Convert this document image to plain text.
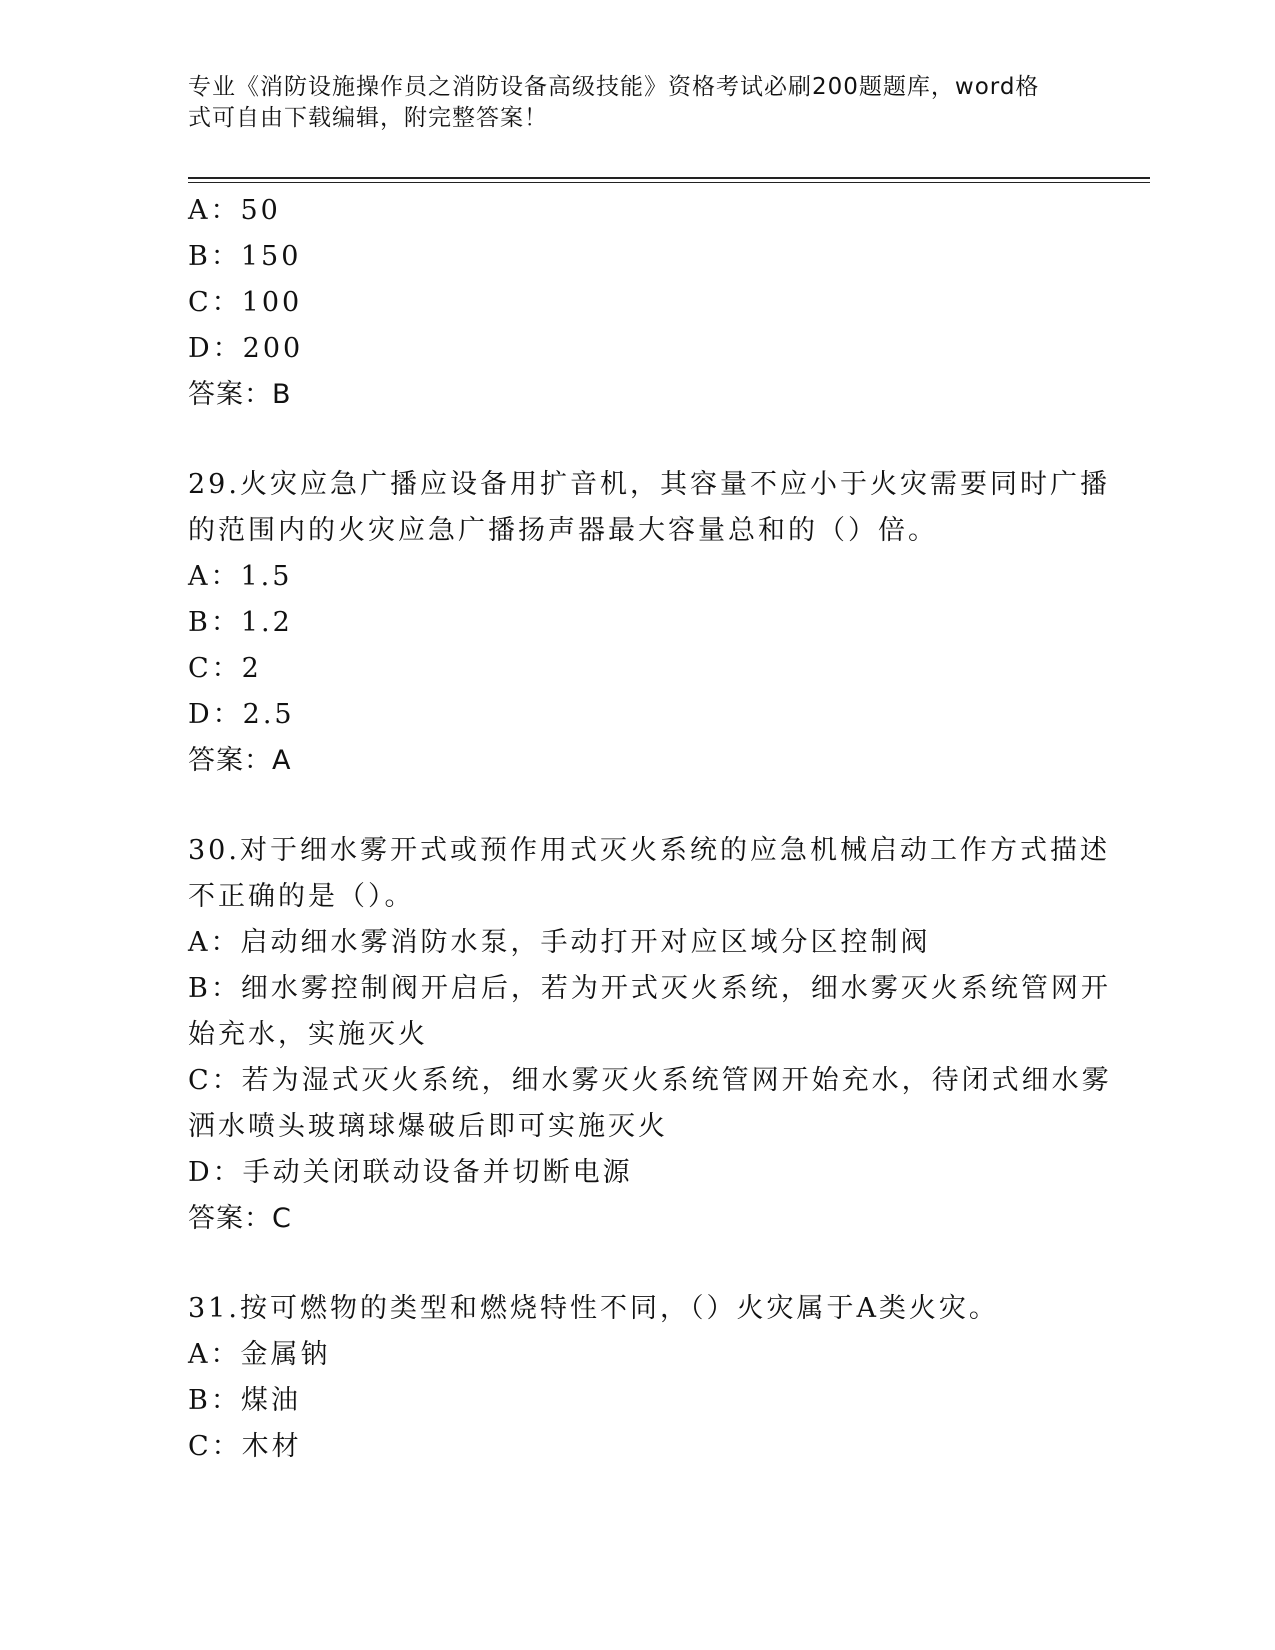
专业《消防设施操作员之消防设备高级技能》资格考试必刷200题题库，word格
式可自由下载编辑，附完整答案！
A：50
B：150
C：100
D：200
答案：B
29.火灾应急广播应设备用扩音机，其容量不应小于火灾需要同时广播
的范围内的火灾应急广播扬声器最大容量总和的（）倍。
A：1.5
B：1.2
C：2
D：2.5
答案：A
30.对于细水雾开式或预作用式灭火系统的应急机械启动工作方式描述
不正确的是（）。
A：启动细水雾消防水泵，手动打开对应区域分区控制阀
B：细水雾控制阀开启后，若为开式灭火系统，细水雾灭火系统管网开
始充水，实施灭火
C：若为湿式灭火系统，细水雾灭火系统管网开始充水，待闭式细水雾
洒水喷头玻璃球爆破后即可实施灭火
D：手动关闭联动设备并切断电源
答案：C
31.按可燃物的类型和燃烧特性不同，（）火灾属于A类火灾。
A：金属钠
B：煤油
C：木材
